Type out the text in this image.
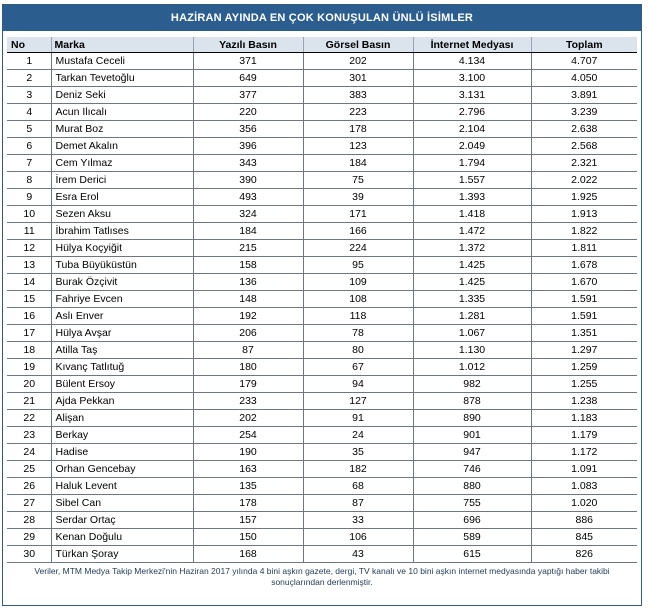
HAZİRAN AYINDA EN ÇOK KONUŞULAN ÜNLÜ İSİMLER
No	Marka	Yazılı Basın	Görsel Basın	İnternet Medyası	Toplam
1	Mustafa Ceceli	371	202	4.134	4.707
2	Tarkan Tevetoğlu	649	301	3.100	4.050
3	Deniz Seki	377	383	3.131	3.891
4	Acun Ilıcalı	220	223	2.796	3.239
5	Murat Boz	356	178	2.104	2.638
6	Demet Akalın	396	123	2.049	2.568
7	Cem Yılmaz	343	184	1.794	2.321
8	İrem Derici	390	75	1.557	2.022
9	Esra Erol	493	39	1.393	1.925
10	Sezen Aksu	324	171	1.418	1.913
11	İbrahim Tatlıses	184	166	1.472	1.822
12	Hülya Koçyiğit	215	224	1.372	1.811
13	Tuba Büyüküstün	158	95	1.425	1.678
14	Burak Özçivit	136	109	1.425	1.670
15	Fahriye Evcen	148	108	1.335	1.591
16	Aslı Enver	192	118	1.281	1.591
17	Hülya Avşar	206	78	1.067	1.351
18	Atilla Taş	87	80	1.130	1.297
19	Kıvanç Tatlıtuğ	180	67	1.012	1.259
20	Bülent Ersoy	179	94	982	1.255
21	Ajda Pekkan	233	127	878	1.238
22	Alişan	202	91	890	1.183
23	Berkay	254	24	901	1.179
24	Hadise	190	35	947	1.172
25	Orhan Gencebay	163	182	746	1.091
26	Haluk Levent	135	68	880	1.083
27	Sibel Can	178	87	755	1.020
28	Serdar Ortaç	157	33	696	886
29	Kenan Doğulu	150	106	589	845
30	Türkan Şoray	168	43	615	826
Veriler, MTM Medya Takip Merkezi'nin Haziran 2017 yılında 4 bini aşkın gazete, dergi, TV kanalı ve 10 bini aşkın internet medyasında yaptığı haber takibi sonuçlarından derlenmiştir.
